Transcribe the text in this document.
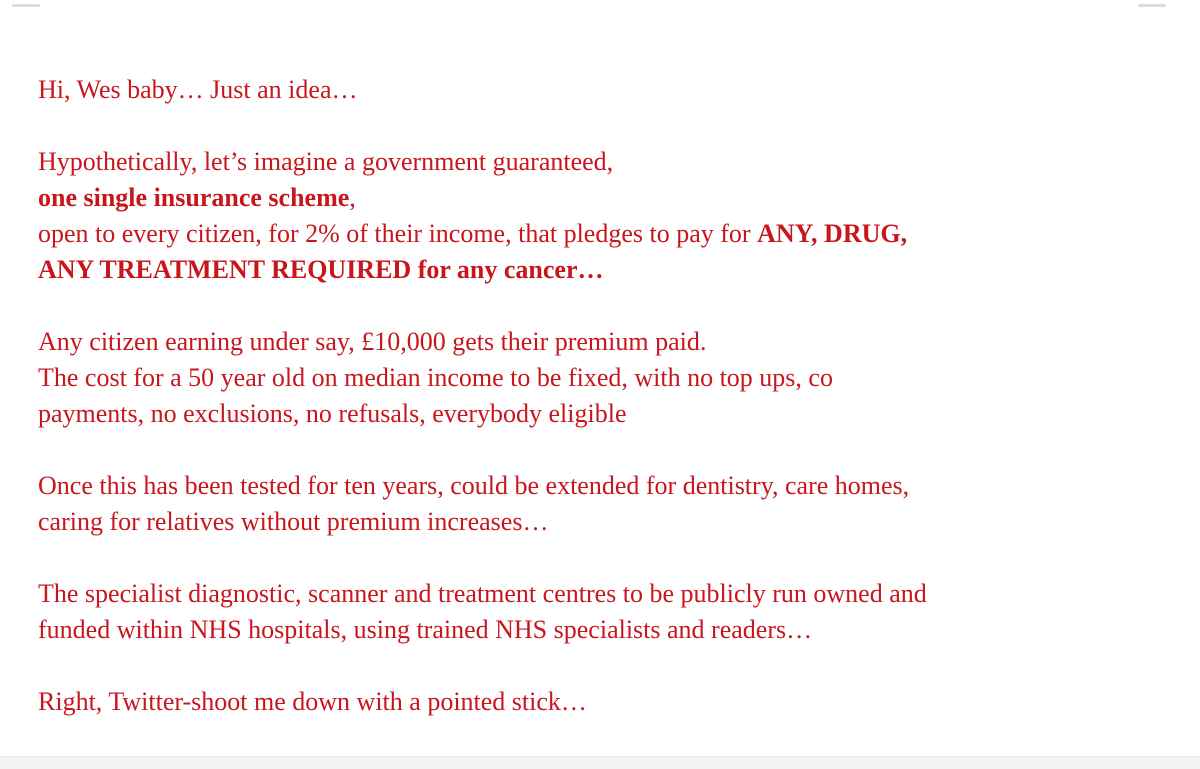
Hi, Wes baby… Just an idea…

Hypothetically, let’s imagine a government guaranteed,
one single insurance scheme,
open to every citizen, for 2% of their income, that pledges to pay for ANY, DRUG,
ANY TREATMENT REQUIRED for any cancer…

Any citizen earning under say, £10,000 gets their premium paid.
The cost for a 50 year old on median income to be fixed, with no top ups, co
payments, no exclusions, no refusals, everybody eligible

Once this has been tested for ten years, could be extended for dentistry, care homes,
caring for relatives without premium increases…

The specialist diagnostic, scanner and treatment centres to be publicly run owned and
funded within NHS hospitals, using trained NHS specialists and readers…

Right, Twitter-shoot me down with a pointed stick…
